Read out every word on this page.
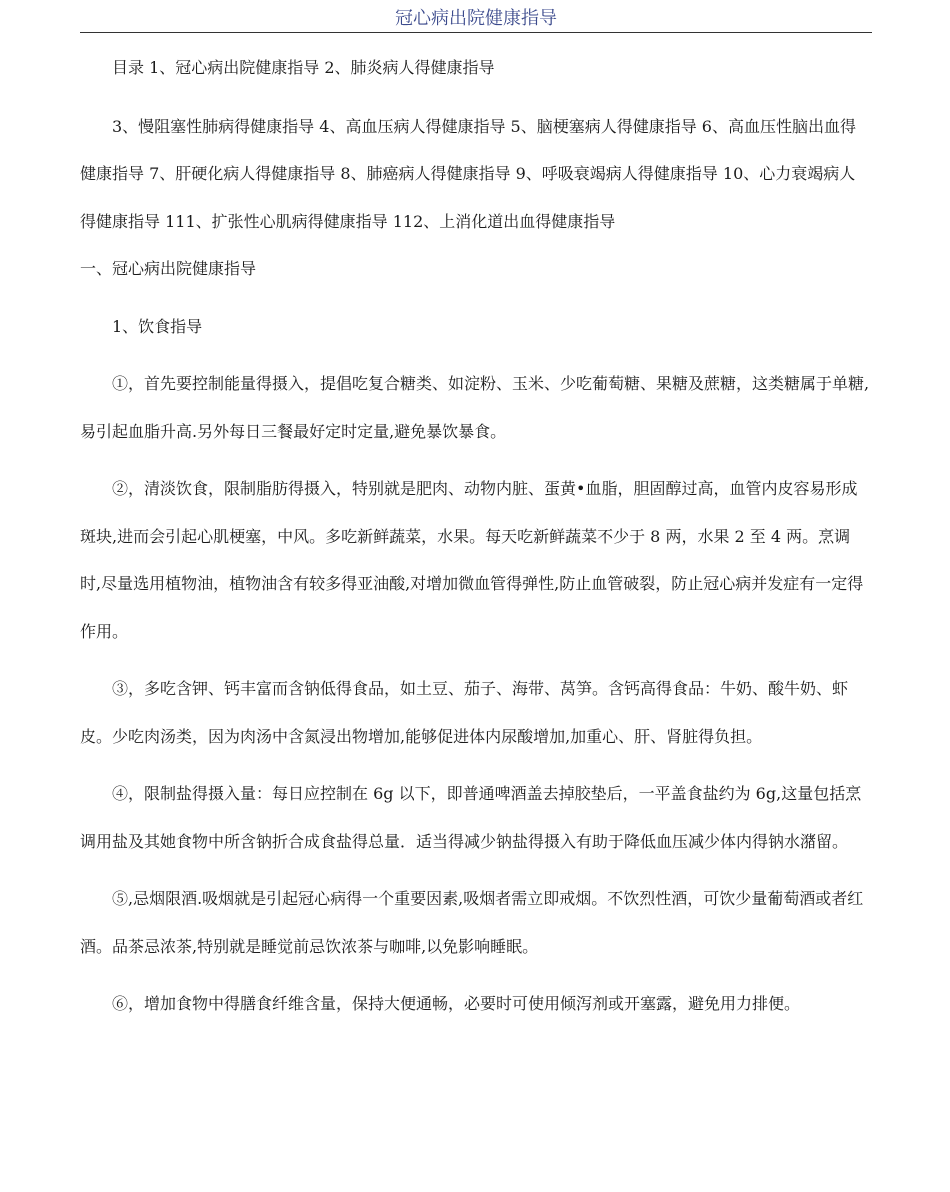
冠心病出院健康指导

目录 1、冠心病出院健康指导 2、肺炎病人得健康指导

3、慢阻塞性肺病得健康指导 4、高血压病人得健康指导 5、脑梗塞病人得健康指导 6、高血压性脑出血得健康指导 7、肝硬化病人得健康指导 8、肺癌病人得健康指导 9、呼吸衰竭病人得健康指导 10、心力衰竭病人得健康指导 111、扩张性心肌病得健康指导 112、上消化道出血得健康指导

一、冠心病出院健康指导

1、饮食指导

①，首先要控制能量得摄入，提倡吃复合糖类、如淀粉、玉米、少吃葡萄糖、果糖及蔗糖，这类糖属于单糖,易引起血脂升高.另外每日三餐最好定时定量,避免暴饮暴食。

②，清淡饮食，限制脂肪得摄入，特别就是肥肉、动物内脏、蛋黄•血脂，胆固醇过高，血管内皮容易形成斑块,进而会引起心肌梗塞，中风。多吃新鲜蔬菜，水果。每天吃新鲜蔬菜不少于 8 两，水果 2 至 4 两。烹调时,尽量选用植物油，植物油含有较多得亚油酸,对增加微血管得弹性,防止血管破裂，防止冠心病并发症有一定得作用。

③，多吃含钾、钙丰富而含钠低得食品，如土豆、茄子、海带、莴笋。含钙高得食品：牛奶、酸牛奶、虾皮。少吃肉汤类，因为肉汤中含氮浸出物增加,能够促进体内尿酸增加,加重心、肝、肾脏得负担。

④，限制盐得摄入量：每日应控制在 6g 以下，即普通啤酒盖去掉胶垫后，一平盖食盐约为 6g,这量包括烹调用盐及其她食物中所含钠折合成食盐得总量．适当得减少钠盐得摄入有助于降低血压减少体内得钠水潴留。

⑤,忌烟限酒.吸烟就是引起冠心病得一个重要因素,吸烟者需立即戒烟。不饮烈性酒，可饮少量葡萄酒或者红酒。品茶忌浓茶,特别就是睡觉前忌饮浓茶与咖啡,以免影响睡眠。

⑥，增加食物中得膳食纤维含量，保持大便通畅，必要时可使用倾泻剂或开塞露，避免用力排便。
